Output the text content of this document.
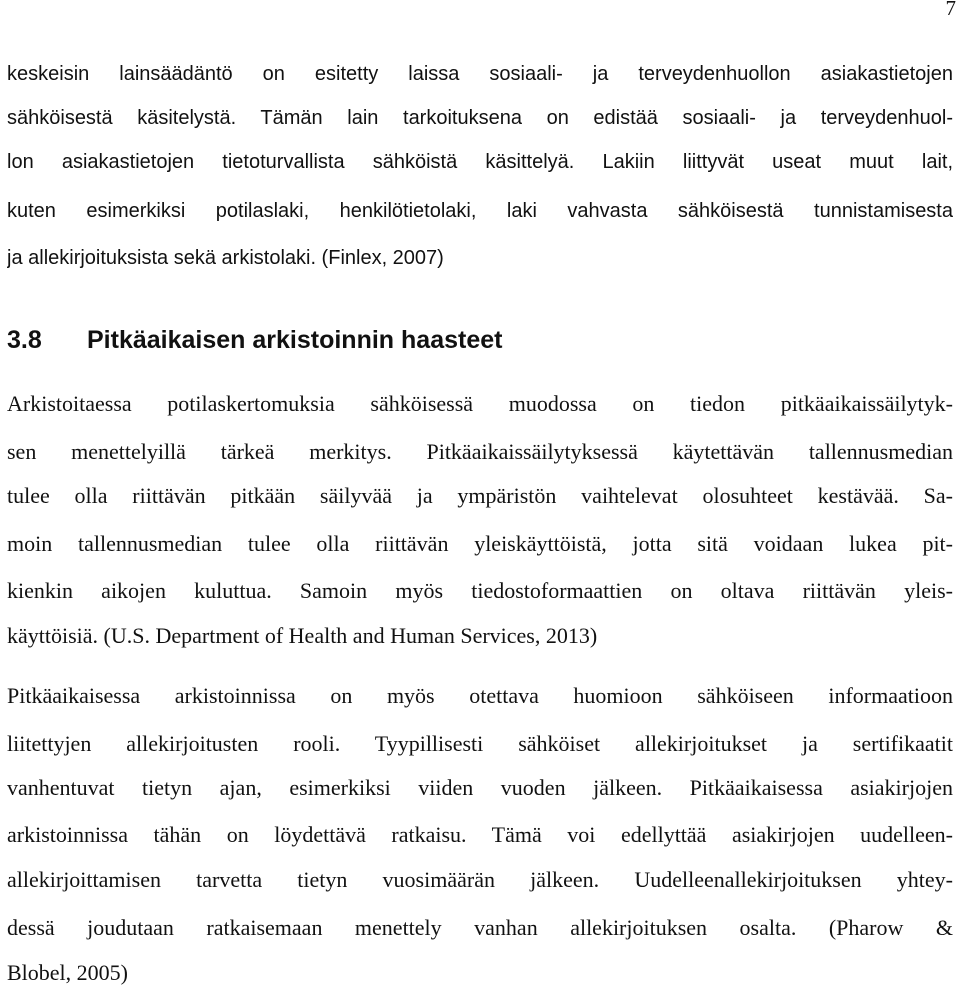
7
keskeisin lainsäädäntö on esitetty laissa sosiaali- ja terveydenhuollon asiakastietojen
sähköisestä käsitelystä. Tämän lain tarkoituksena on edistää sosiaali- ja terveydenhuol-
lon asiakastietojen tietoturvallista sähköistä käsittelyä. Lakiin liittyvät useat muut lait,
kuten esimerkiksi potilaslaki, henkilötietolaki, laki vahvasta sähköisestä tunnistamisesta
ja allekirjoituksista sekä arkistolaki. (Finlex, 2007)
3.8 Pitkäaikaisen arkistoinnin haasteet
Arkistoitaessa potilaskertomuksia sähköisessä muodossa on tiedon pitkäaikaissäilytyk-
sen menettelyillä tärkeä merkitys. Pitkäaikaissäilytyksessä käytettävän tallennusmedian
tulee olla riittävän pitkään säilyvää ja ympäristön vaihtelevat olosuhteet kestävää. Sa-
moin tallennusmedian tulee olla riittävän yleiskäyttöistä, jotta sitä voidaan lukea pit-
kienkin aikojen kuluttua. Samoin myös tiedostoformaattien on oltava riittävän yleis-
käyttöisiä. (U.S. Department of Health and Human Services, 2013)
Pitkäaikaisessa arkistoinnissa on myös otettava huomioon sähköiseen informaatioon
liitettyjen allekirjoitusten rooli. Tyypillisesti sähköiset allekirjoitukset ja sertifikaatit
vanhentuvat tietyn ajan, esimerkiksi viiden vuoden jälkeen. Pitkäaikaisessa asiakirjojen
arkistoinnissa tähän on löydettävä ratkaisu. Tämä voi edellyttää asiakirjojen uudelleen-
allekirjoittamisen tarvetta tietyn vuosimäärän jälkeen. Uudelleenallekirjoituksen yhtey-
dessä joudutaan ratkaisemaan menettely vanhan allekirjoituksen osalta. (Pharow &
Blobel, 2005)
